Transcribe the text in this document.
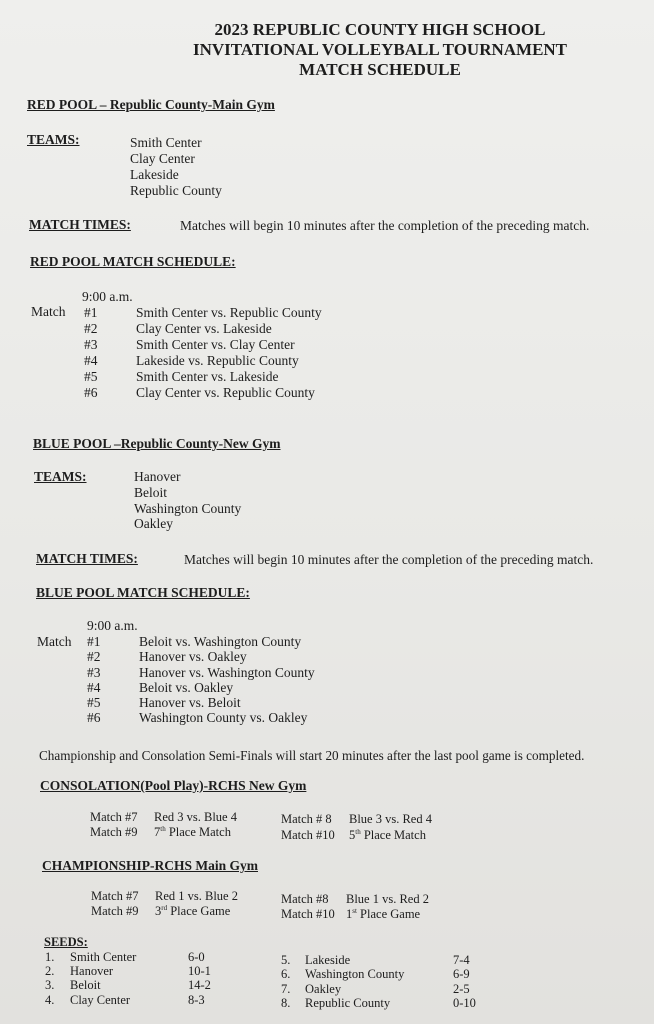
2023 REPUBLIC COUNTY HIGH SCHOOL
INVITATIONAL VOLLEYBALL TOURNAMENT
MATCH SCHEDULE
RED POOL – Republic County-Main Gym
TEAMS:	Smith Center
Clay Center
Lakeside
Republic County
MATCH TIMES:	Matches will begin 10 minutes after the completion of the preceding match.
RED POOL MATCH SCHEDULE:
9:00 a.m.
Match #1	Smith Center vs. Republic County
#2	Clay Center vs. Lakeside
#3	Smith Center vs. Clay Center
#4	Lakeside vs. Republic County
#5	Smith Center vs. Lakeside
#6	Clay Center vs. Republic County
BLUE POOL –Republic County-New Gym
TEAMS:	Hanover
Beloit
Washington County
Oakley
MATCH TIMES:	Matches will begin 10 minutes after the completion of the preceding match.
BLUE POOL MATCH SCHEDULE:
9:00 a.m.
Match #1	Beloit vs. Washington County
#2	Hanover vs. Oakley
#3	Hanover vs. Washington County
#4	Beloit vs. Oakley
#5	Hanover vs. Beloit
#6	Washington County vs. Oakley
Championship and Consolation Semi-Finals will start 20 minutes after the last pool game is completed.
CONSOLATION(Pool Play)-RCHS New Gym
Match #7 Red 3 vs. Blue 4
Match #9 7th Place Match
Match # 8 Blue 3 vs. Red 4
Match #10 5th Place Match
CHAMPIONSHIP-RCHS Main Gym
Match #7 Red 1 vs. Blue 2
Match #9 3rd Place Game
Match #8 Blue 1 vs. Red 2
Match #10 1st Place Game
SEEDS:
1. Smith Center	6-0
2. Hanover	10-1
3. Beloit	14-2
4. Clay Center	8-3
5. Lakeside	7-4
6. Washington County	6-9
7. Oakley	2-5
8. Republic County	0-10
